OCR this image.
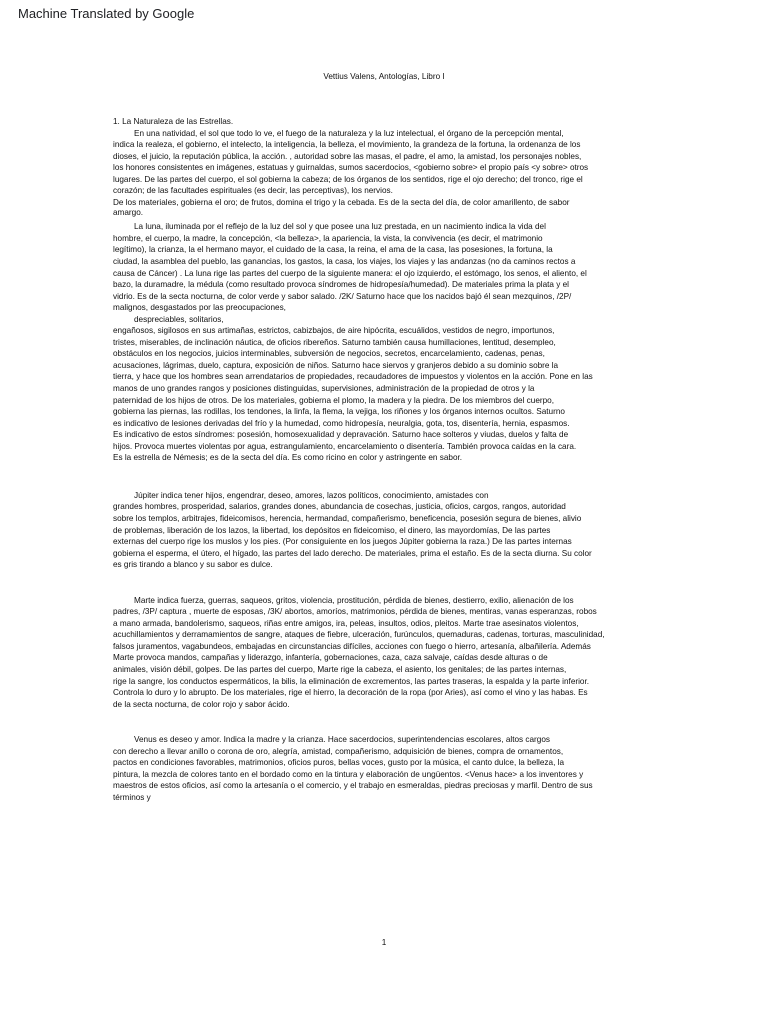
Machine Translated by Google
Vettius Valens, Antologías, Libro I

1. La Naturaleza de las Estrellas.

En una natividad, el sol que todo lo ve, el fuego de la naturaleza y la luz intelectual, el órgano de la percepción mental,

indica la realeza, el gobierno, el intelecto, la inteligencia, la belleza, el movimiento, la grandeza de la fortuna, la ordenanza de los

dioses, el juicio, la reputación pública, la acción. , autoridad sobre las masas, el padre, el amo, la amistad, los personajes nobles,

los honores consistentes en imágenes, estatuas y guirnaldas, sumos sacerdocios, <gobierno sobre> el propio país <y sobre> otros

lugares. De las partes del cuerpo, el sol gobierna la cabeza; de los órganos de los sentidos, rige el ojo derecho; del tronco, rige el

corazón; de las facultades espirituales (es decir, las perceptivas), los nervios.

De los materiales, gobierna el oro; de frutos, domina el trigo y la cebada. Es de la secta del día, de color amarillento, de sabor

amargo.

La luna, iluminada por el reflejo de la luz del sol y que posee una luz prestada, en un nacimiento indica la vida del

hombre, el cuerpo, la madre, la concepción, <la belleza>, la apariencia, la vista, la convivencia (es decir, el matrimonio

legítimo), la crianza, la el hermano mayor, el cuidado de la casa, la reina, el ama de la casa, las posesiones, la fortuna, la

ciudad, la asamblea del pueblo, las ganancias, los gastos, la casa, los viajes, los viajes y las andanzas (no da caminos rectos a

causa de Cáncer) . La luna rige las partes del cuerpo de la siguiente manera: el ojo izquierdo, el estómago, los senos, el aliento, el

bazo, la duramadre, la médula (como resultado provoca síndromes de hidropesía/humedad). De materiales prima la plata y el

vidrio. Es de la secta nocturna, de color verde y sabor salado. /2K/ Saturno hace que los nacidos bajó él sean mezquinos, /2P/

malignos, desgastados por las preocupaciones,

despreciables, solitarios,

engañosos, sigilosos en sus artimañas, estrictos, cabizbajos, de aire hipócrita, escuálidos, vestidos de negro, importunos,

tristes, miserables, de inclinación náutica, de oficios ribereños. Saturno también causa humillaciones, lentitud, desempleo,

obstáculos en los negocios, juicios interminables, subversión de negocios, secretos, encarcelamiento, cadenas, penas,

acusaciones, lágrimas, duelo, captura, exposición de niños. Saturno hace siervos y granjeros debido a su dominio sobre la

tierra, y hace que los hombres sean arrendatarios de propiedades, recaudadores de impuestos y violentos en la acción. Pone en las

manos de uno grandes rangos y posiciones distinguidas, supervisiones, administración de la propiedad de otros y la

paternidad de los hijos de otros. De los materiales, gobierna el plomo, la madera y la piedra. De los miembros del cuerpo,

gobierna las piernas, las rodillas, los tendones, la linfa, la flema, la vejiga, los riñones y los órganos internos ocultos. Saturno

es indicativo de lesiones derivadas del frío y la humedad, como hidropesía, neuralgia, gota, tos, disentería, hernia, espasmos.

Es indicativo de estos síndromes: posesión, homosexualidad y depravación. Saturno hace solteros y viudas, duelos y falta de

hijos. Provoca muertes violentas por agua, estrangulamiento, encarcelamiento o disentería. También provoca caídas en la cara.

Es la estrella de Némesis; es de la secta del día. Es como ricino en color y astringente en sabor.

Júpiter indica tener hijos, engendrar, deseo, amores, lazos políticos, conocimiento, amistades con

grandes hombres, prosperidad, salarios, grandes dones, abundancia de cosechas, justicia, oficios, cargos, rangos, autoridad

sobre los templos, arbitrajes, fideicomisos, herencia, hermandad, compañerismo, beneficencia, posesión segura de bienes, alivio

de problemas, liberación de los lazos, la libertad, los depósitos en fideicomiso, el dinero, las mayordomías, De las partes

externas del cuerpo rige los muslos y los pies. (Por consiguiente en los juegos Júpiter gobierna la raza.) De las partes internas

gobierna el esperma, el útero, el hígado, las partes del lado derecho. De materiales, prima el estaño. Es de la secta diurna. Su color

es gris tirando a blanco y su sabor es dulce.

Marte indica fuerza, guerras, saqueos, gritos, violencia, prostitución, pérdida de bienes, destierro, exilio, alienación de los

padres, /3P/ captura , muerte de esposas, /3K/ abortos, amoríos, matrimonios, pérdida de bienes, mentiras, vanas esperanzas, robos

a mano armada, bandolerismo, saqueos, riñas entre amigos, ira, peleas, insultos, odios, pleitos. Marte trae asesinatos violentos,

acuchillamientos y derramamientos de sangre, ataques de fiebre, ulceración, furúnculos, quemaduras, cadenas, torturas, masculinidad,

falsos juramentos, vagabundeos, embajadas en circunstancias difíciles, acciones con fuego o hierro, artesanía, albañilería. Además

Marte provoca mandos, campañas y liderazgo, infantería, gobernaciones, caza, caza salvaje, caídas desde alturas o de

animales, visión débil, golpes. De las partes del cuerpo, Marte rige la cabeza, el asiento, los genitales; de las partes internas,

rige la sangre, los conductos espermáticos, la bilis, la eliminación de excrementos, las partes traseras, la espalda y la parte inferior.

Controla lo duro y lo abrupto. De los materiales, rige el hierro, la decoración de la ropa (por Aries), así como el vino y las habas. Es

de la secta nocturna, de color rojo y sabor ácido.

Venus es deseo y amor. Indica la madre y la crianza. Hace sacerdocios, superintendencias escolares, altos cargos

con derecho a llevar anillo o corona de oro, alegría, amistad, compañerismo, adquisición de bienes, compra de ornamentos,

pactos en condiciones favorables, matrimonios, oficios puros, bellas voces, gusto por la música, el canto dulce, la belleza, la

pintura, la mezcla de colores tanto en el bordado como en la tintura y elaboración de ungüentos. <Venus hace> a los inventores y

maestros de estos oficios, así como la artesanía o el comercio, y el trabajo en esmeraldas, piedras preciosas y marfil. Dentro de sus

términos y

1
